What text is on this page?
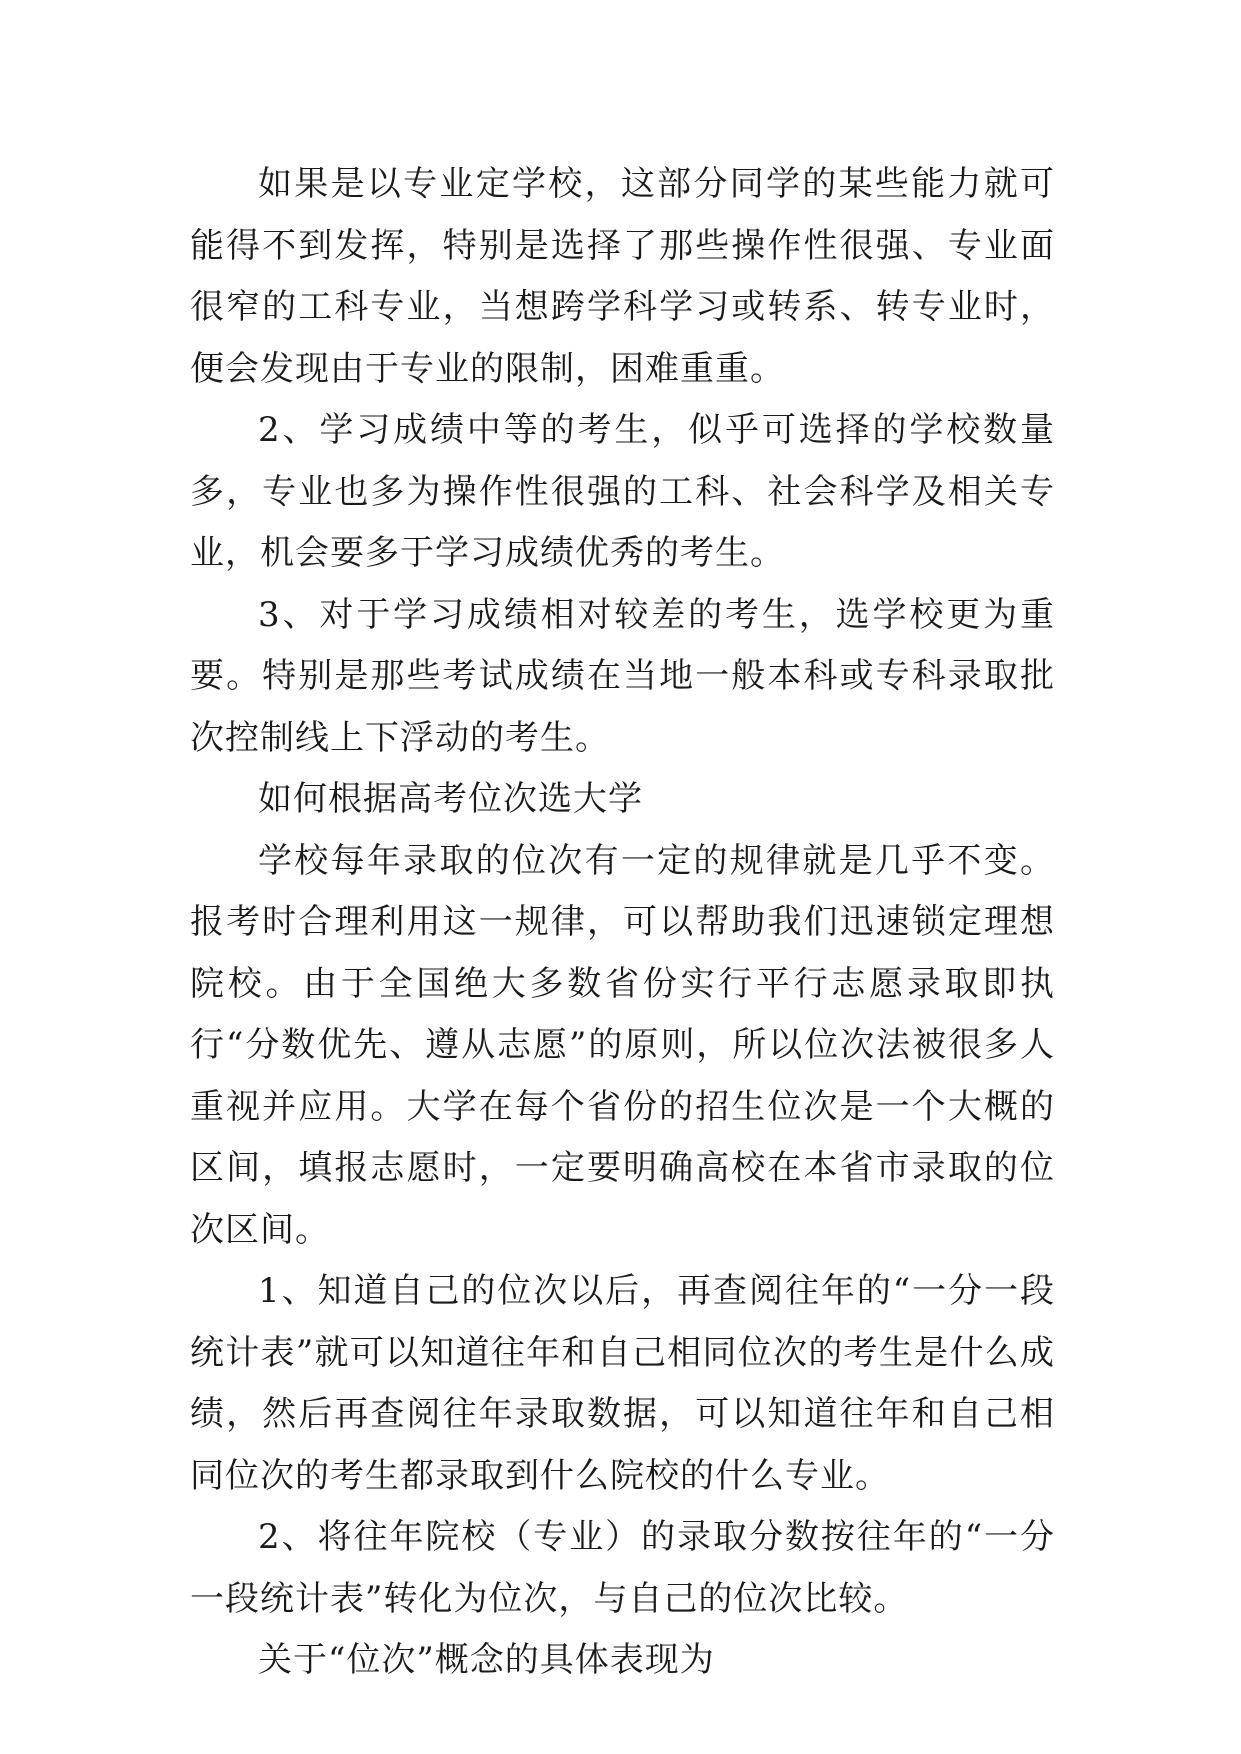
如果是以专业定学校，这部分同学的某些能力就可能得不到发挥，特别是选择了那些操作性很强、专业面很窄的工科专业，当想跨学科学习或转系、转专业时，便会发现由于专业的限制，困难重重。

2、学习成绩中等的考生，似乎可选择的学校数量多，专业也多为操作性很强的工科、社会科学及相关专业，机会要多于学习成绩优秀的考生。

3、对于学习成绩相对较差的考生，选学校更为重要。特别是那些考试成绩在当地一般本科或专科录取批次控制线上下浮动的考生。

如何根据高考位次选大学

学校每年录取的位次有一定的规律就是几乎不变。报考时合理利用这一规律，可以帮助我们迅速锁定理想院校。由于全国绝大多数省份实行平行志愿录取即执行“分数优先、遵从志愿”的原则，所以位次法被很多人重视并应用。大学在每个省份的招生位次是一个大概的区间，填报志愿时，一定要明确高校在本省市录取的位次区间。

1、知道自己的位次以后，再查阅往年的“一分一段统计表”就可以知道往年和自己相同位次的考生是什么成绩，然后再查阅往年录取数据，可以知道往年和自己相同位次的考生都录取到什么院校的什么专业。

2、将往年院校（专业）的录取分数按往年的“一分一段统计表”转化为位次，与自己的位次比较。

关于“位次”概念的具体表现为
